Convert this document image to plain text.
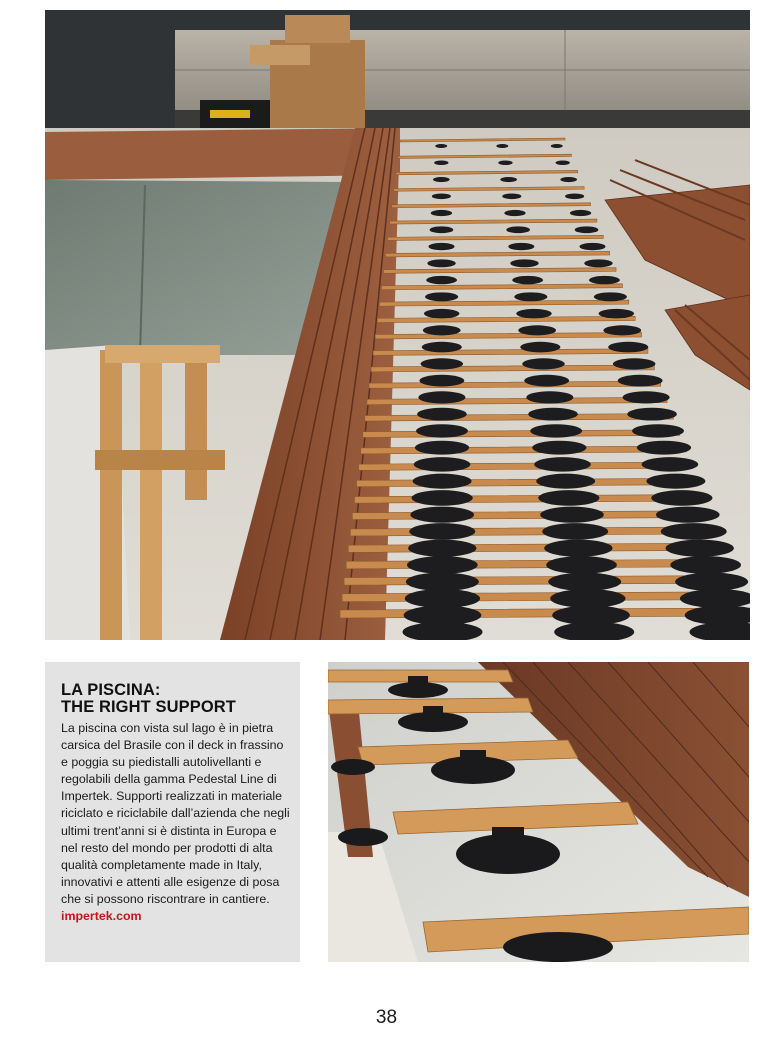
LA PISCINA:
THE RIGHT SUPPORT

La piscina con vista sul lago è in pietra carsica del Brasile con il deck in frassino e poggia su piedistalli autolivellanti e regolabili della gamma Pedestal Line di Impertek. Supporti realizzati in materiale riciclato e riciclabile dall’azienda che negli ultimi trent’anni si è distinta in Europa e nel resto del mondo per prodotti di alta qualità completamente made in Italy, innovativi e attenti alle esigenze di posa che si possono riscontrare in cantiere.

impertek.com
38
